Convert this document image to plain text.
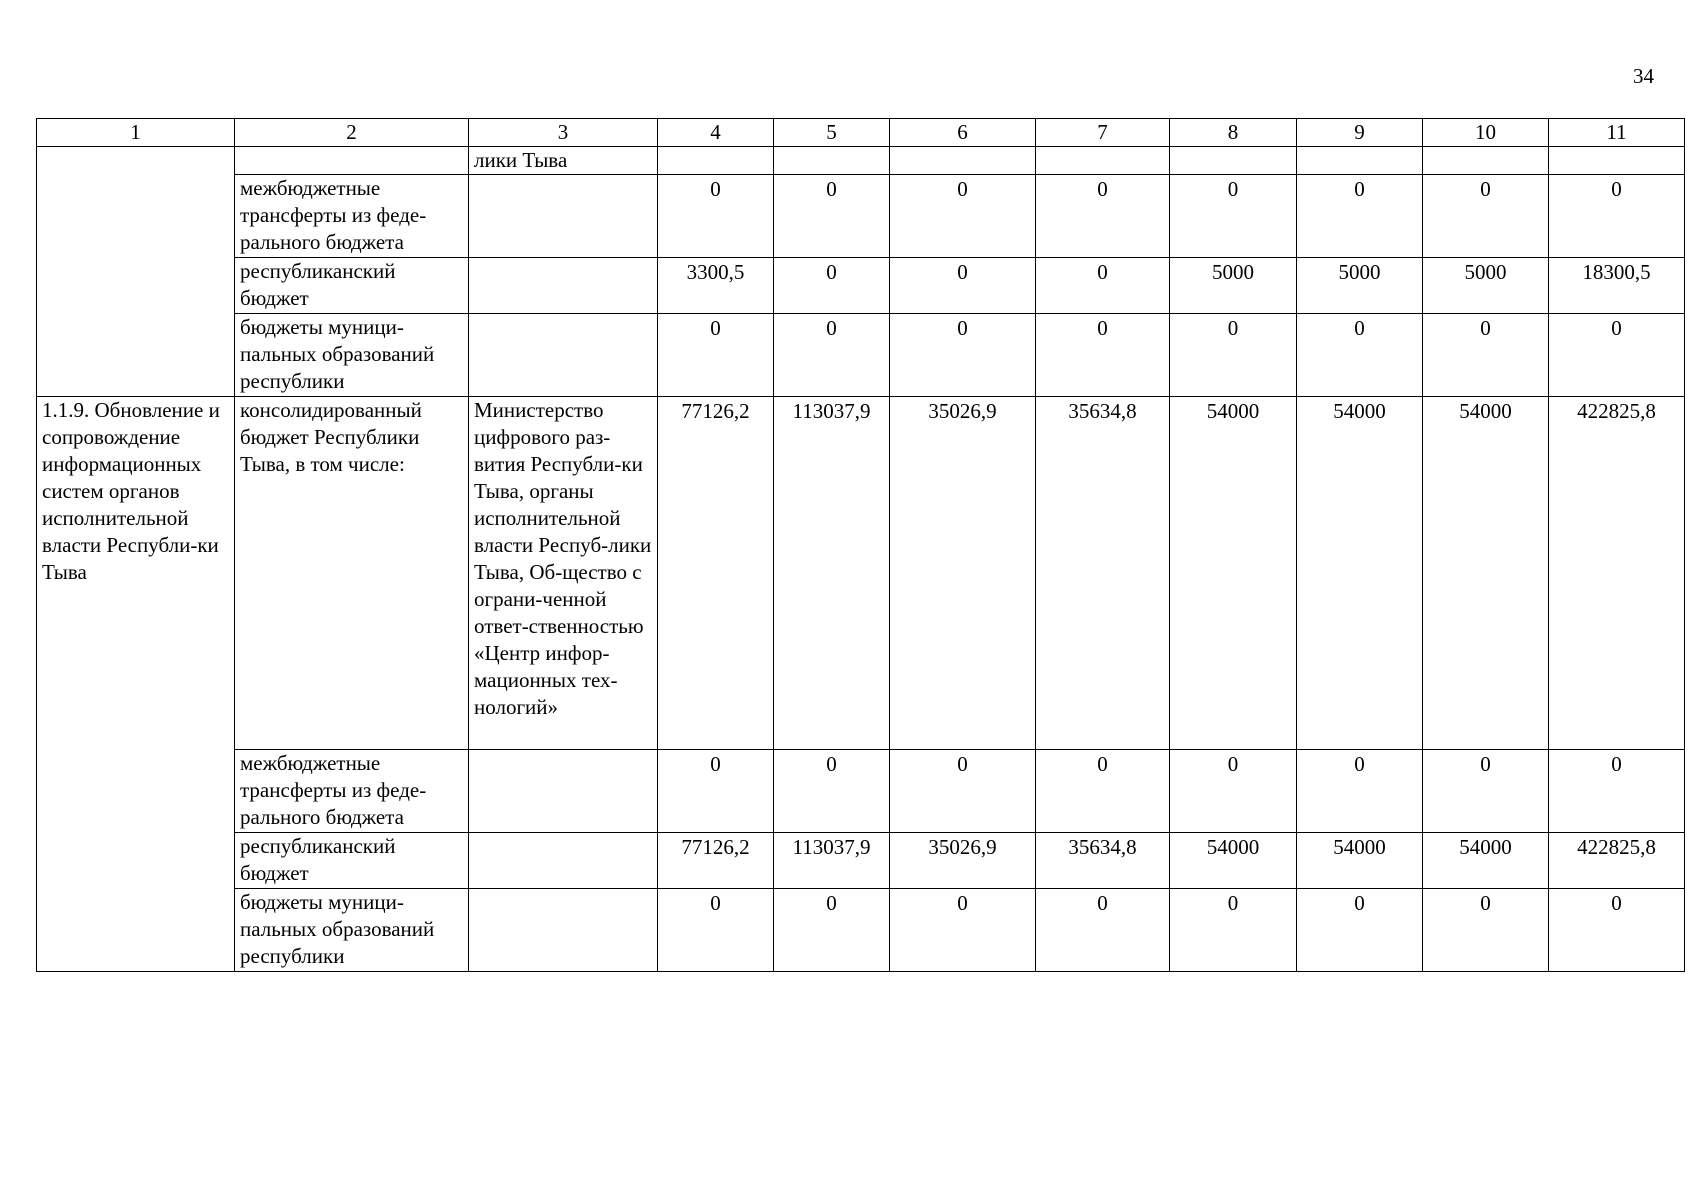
34
1	2	3	4	5	6	7	8	9	10	11
		лики Тыва								
	межбюджетные трансферты из феде-рального бюджета		0	0	0	0	0	0	0	0
	республиканский бюджет		3300,5	0	0	0	5000	5000	5000	18300,5
	бюджеты муници-пальных образований республики		0	0	0	0	0	0	0	0
1.1.9. Обновление и сопровождение информационных систем органов исполнительной власти Республи-ки Тыва	консолидированный бюджет Республики Тыва, в том числе:	Министерство цифрового раз-вития Республи-ки Тыва, органы исполнительной власти Респуб-лики Тыва, Об-щество с ограни-ченной ответ-ственностью «Центр инфор-мационных тех-нологий»	77126,2	113037,9	35026,9	35634,8	54000	54000	54000	422825,8
	межбюджетные трансферты из феде-рального бюджета		0	0	0	0	0	0	0	0
	республиканский бюджет		77126,2	113037,9	35026,9	35634,8	54000	54000	54000	422825,8
	бюджеты муници-пальных образований республики		0	0	0	0	0	0	0	0
